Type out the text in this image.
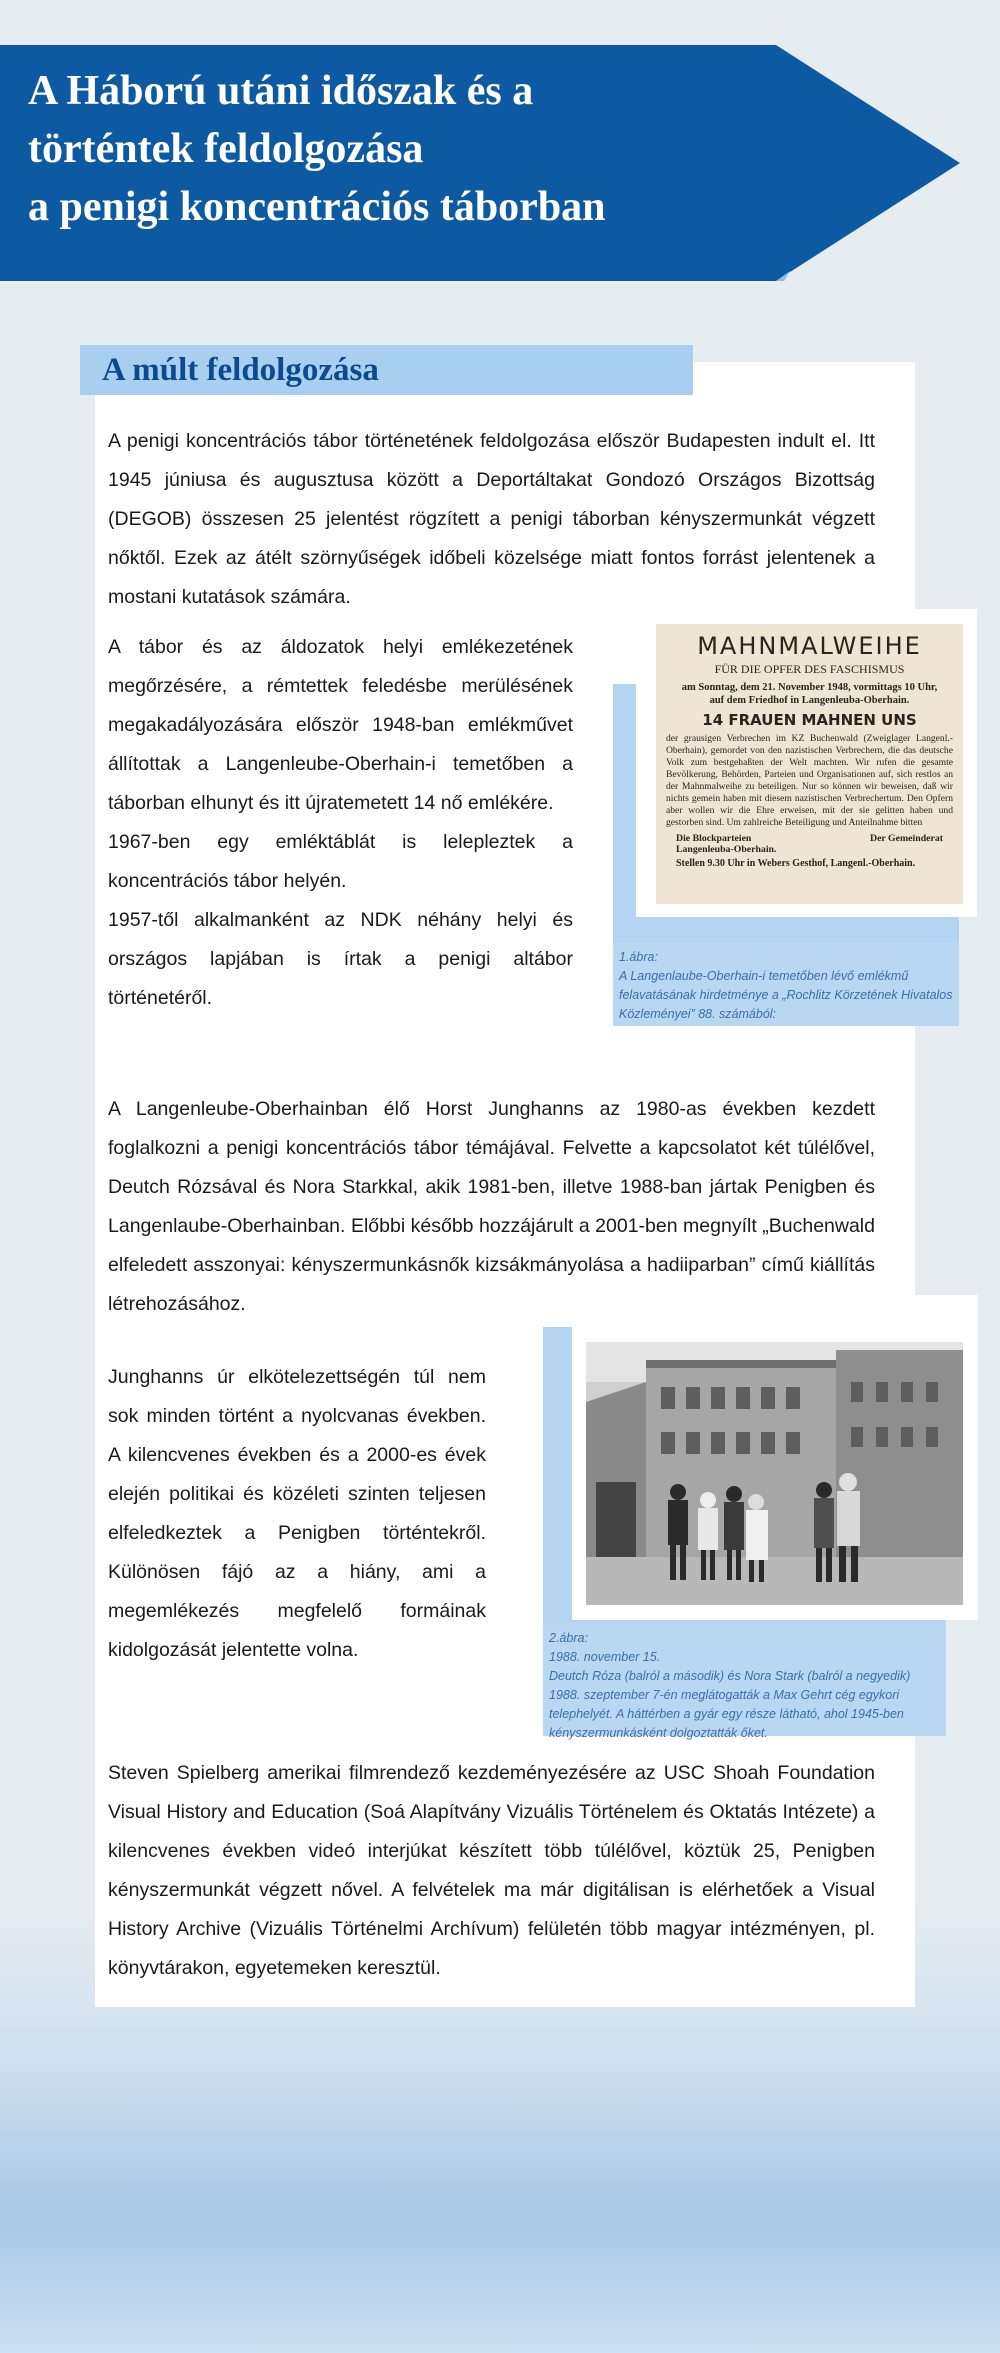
A Háború utáni időszak és a
történtek feldolgozása
a penigi koncentrációs táborban
A múlt feldolgozása

A penigi koncentrációs tábor történetének feldolgozása először Budapesten indult el. Itt 1945 júniusa és augusztusa között a Deportáltakat Gondozó Országos Bizottság (DEGOB) összesen 25 jelentést rögzített a penigi táborban kényszermunkát végzett nőktől. Ezek az átélt szörnyűségek időbeli közelsége miatt fontos forrást jelentenek a mostani kutatások számára.

A tábor és az áldozatok helyi emlékezetének megőrzésére, a rémtettek feledésbe merülésének megakadályozására először 1948-ban emlékművet állítottak a Langenleube-Oberhain-i temetőben a táborban elhunyt és itt újratemetett 14 nő emlékére.

1967-ben egy emléktáblát is lelepleztek a koncentrációs tábor helyén.

1957-től alkalmanként az NDK néhány helyi és országos lapjában is írtak a penigi altábor történetéről.

MAHNMALWEIHE
FÜR DIE OPFER DES FASCHISMUS
am Sonntag, dem 21. November 1948, vormittags 10 Uhr,
auf dem Friedhof in Langenleuba-Oberhain.
14 FRAUEN MAHNEN UNS
der grausigen Verbrechen im KZ Buchenwald (Zweiglager Langenl.-Oberhain), gemordet von den nazistischen Verbrechern, die das deutsche Volk zum bestgehaßten der Welt machten. Wir rufen die gesamte Bevölkerung, Behörden, Parteien und Organisationen auf, sich restlos an der Mahnmalweihe zu beteiligen. Nur so können wir beweisen, daß wir nichts gemein haben mit diesem nazistischen Verbrechertum. Den Opfern aber wollen wir die Ehre erweisen, mit der sie gelitten haben und gestorben sind. Um zahlreiche Beteiligung und Anteilnahme bitten
Die Blockparteien
Langenleuba-Oberhain.
Der Gemeinderat
Stellen 9.30 Uhr in Webers Gesthof, Langenl.-Oberhain.
1.ábra:
A Langenlaube-Oberhain-i temetőben lévő emlékmű felavatásának hirdetménye a „Rochlitz Körzetének Hivatalos Közleményei” 88. számából:

A Langenleube-Oberhainban élő Horst Junghanns az 1980-as években kezdett foglalkozni a penigi koncentrációs tábor témájával. Felvette a kapcsolatot két túlélővel, Deutch Rózsával és Nora Starkkal, akik 1981-ben, illetve 1988-ban jártak Penigben és Langenlaube-Oberhainban. Előbbi később hozzájárult a 2001-ben megnyílt „Buchenwald elfeledett asszonyai: kényszermunkásnők kizsákmányolása a hadiiparban” című kiállítás létrehozásához.

Junghanns úr elkötelezettségén túl nem sok minden történt a nyolcvanas években. A kilencvenes években és a 2000-es évek elején politikai és közéleti szinten teljesen elfeledkeztek a Penigben történtekről. Különösen fájó az a hiány, ami a megemlékezés megfelelő formáinak kidolgozását jelentette volna.

2.ábra:
1988. november 15.
Deutch Róza (balról a második) és Nora Stark (balról a negyedik) 1988. szeptember 7-én meglátogatták a Max Gehrt cég egykori telephelyét. A háttérben a gyár egy része látható, ahol 1945-ben kényszermunkásként dolgoztatták őket.

Steven Spielberg amerikai filmrendező kezdeményezésére az USC Shoah Foundation Visual History and Education (Soá Alapítvány Vizuális Történelem és Oktatás Intézete) a kilencvenes években videó interjúkat készített több túlélővel, köztük 25, Penigben kényszermunkát végzett nővel. A felvételek ma már digitálisan is elérhetőek a Visual History Archive (Vizuális Történelmi Archívum) felületén több magyar intézményen, pl. könyvtárakon, egyetemeken keresztül.
